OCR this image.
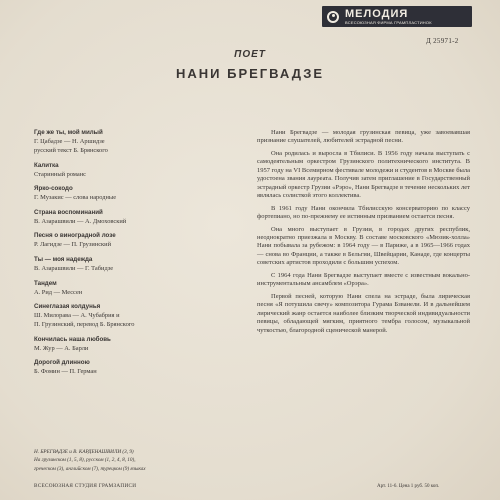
МЕЛОДИЯ
ВСЕСОЮЗНАЯ ФИРМА ГРАМПЛАСТИНОК
Д 25971-2
ПОЕТ
НАНИ БРЕГВАДЗЕ
Где же ты, мой милый
Г. Цабадзе — Н. Аршидзе
русский текст Б. Брянского
Калитка
Старинный романс
Ярко-сокодо
Г. Музакис — слова народные
Страна воспоминаний
В. Азарашвили — А. Дмоховский
Песня о виноградной лозе
Р. Лагидзе — П. Грузинский
Ты — моя надежда
В. Азарашвили — Г. Табидзе
Тандем
А. Рид — Мессен
Синеглазая колдунья
Ш. Милорава — А. Чубабрия и
П. Грузинский, перевод Б. Брянского
Кончилась наша любовь
М. Жур — А. Барли
Дорогой длинною
Б. Фомин — П. Герман
Н. БРЕГВАДЗЕ и В. КАРДЕНАШВИЛИ (3, 9)
На грузинском (1, 5, 8), русском (1, 2, 4, 8, 10),
греческом (3), английском (7), турецком (9) языках
ВСЕСОЮЗНАЯ СТУДИЯ ГРАМЗАПИСИ	Арт. 11-6. Цена 1 руб. 50 коп.

Нани Брегвадзе — молодая грузинская певица, уже завоевавшая признание слушателей, любителей эстрадной песни.

Она родилась и выросла в Тбилиси. В 1956 году начала выступать с самодеятельным оркестром Грузинского политехнического института. В 1957 году на VI Всемирном фестивале молодежи и студентов в Москве была удостоена звания лауреата. Получив затем приглашение в Государственный эстрадный оркестр Грузии «Рэро», Нани Брегвадзе в течение нескольких лет являлась солисткой этого коллектива.

В 1961 году Нани окончила Тбилисскую консерваторию по классу фортепиано, но по-прежнему ее истинным призванием остается песня.

Она много выступает в Грузии, в городах других республик, неоднократно приезжала в Москву. В составе московского «Мюзик-холла» Нани побывала за рубежом: в 1964 году — в Париже, а в 1965—1966 годах — снова во Франции, а также в Бельгии, Швейцарии, Канаде, где концерты советских артистов проходили с большим успехом.

С 1964 года Нани Брегвадзе выступает вместе с известным вокально-инструментальным ансамблем «Орэра».

Первой песней, которую Нани спела на эстраде, была лирическая песня «Я потушила свечу» композитора Гурама Бзванели. И в дальнейшем лирический жанр остается наиболее близким творческой индивидуальности певицы, обладающей мягким, приятного тембра голосом, музыкальной чуткостью, благородной сценической манерой.
